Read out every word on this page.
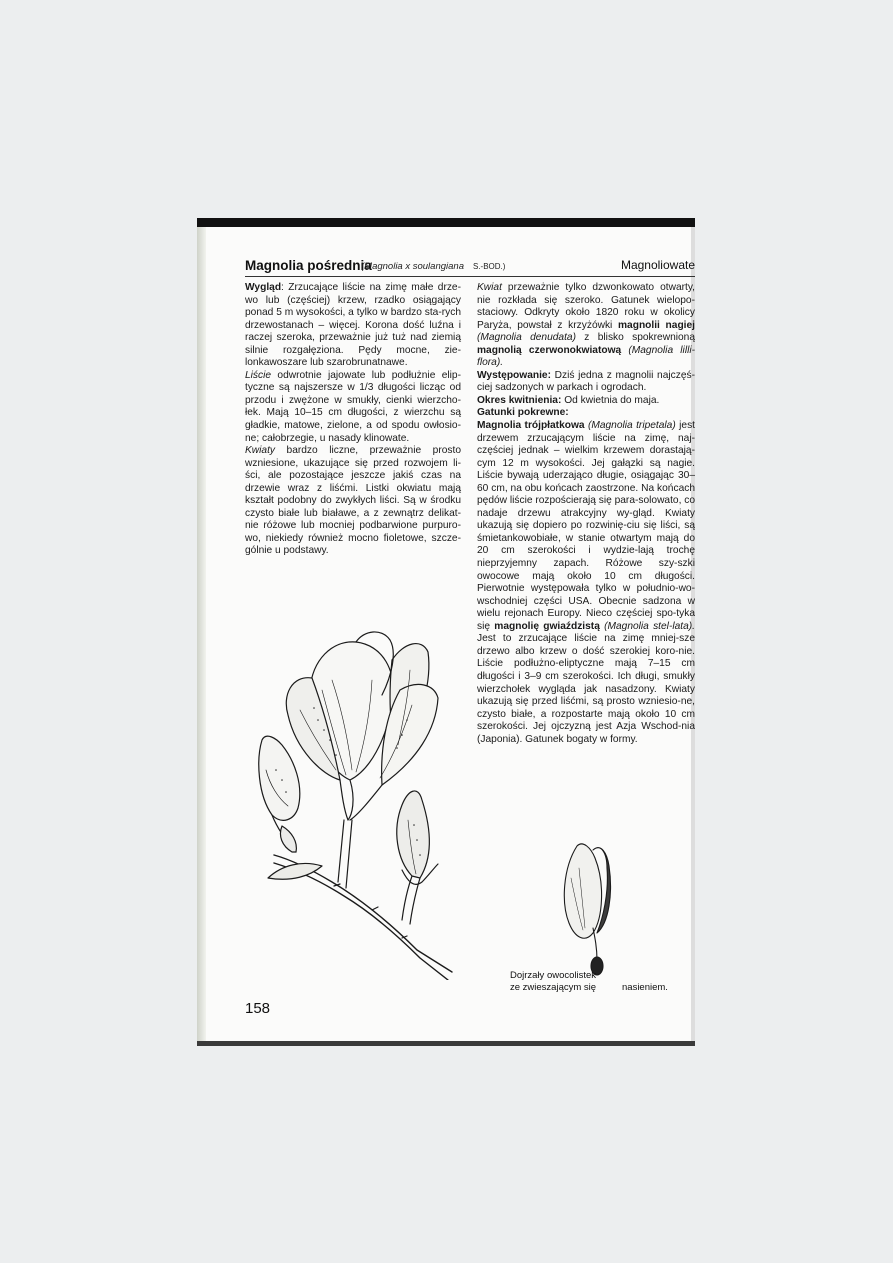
Magnolia pośrednia
(Magnolia x soulangiana S.-BOD.)	Magnoliowate

Wygląd: Zrzucające liście na zimę małe drze-wo lub (częściej) krzew, rzadko osiągający ponad 5 m wysokości, a tylko w bardzo sta-rych drzewostanach – więcej. Korona dość luźna i raczej szeroka, przeważnie już tuż nad ziemią silnie rozgałęziona. Pędy mocne, zie-lonkawoszare lub szarobrunatnawe.

Liście odwrotnie jajowate lub podłużnie elip-tyczne są najszersze w 1/3 długości licząc od przodu i zwężone w smukły, cienki wierzcho-łek. Mają 10–15 cm długości, z wierzchu są gładkie, matowe, zielone, a od spodu owłosio-ne; całobrzegie, u nasady klinowate.

Kwiaty bardzo liczne, przeważnie prosto wzniesione, ukazujące się przed rozwojem li-ści, ale pozostające jeszcze jakiś czas na drzewie wraz z liśćmi. Listki okwiatu mają kształt podobny do zwykłych liści. Są w środku czysto białe lub białawe, a z zewnątrz delikat-nie różowe lub mocniej podbarwione purpuro-wo, niekiedy również mocno fioletowe, szcze-gólnie u podstawy.

Kwiat przeważnie tylko dzwonkowato otwarty, nie rozkłada się szeroko. Gatunek wielopo-staciowy. Odkryty około 1820 roku w okolicy Paryża, powstał z krzyżówki magnolii nagiej (Magnolia denudata) z blisko spokrewnioną magnolią czerwonokwiatową (Magnolia lilli-flora).

Występowanie: Dziś jedna z magnolii najczęś-ciej sadzonych w parkach i ogrodach.

Okres kwitnienia: Od kwietnia do maja.

Gatunki pokrewne:

Magnolia trójpłatkowa (Magnolia tripetala) jest drzewem zrzucającym liście na zimę, naj-częściej jednak – wielkim krzewem dorastają-cym 12 m wysokości. Jej gałązki są nagie. Liście bywają uderzająco długie, osiągając 30–60 cm, na obu końcach zaostrzone. Na końcach pędów liście rozpościerają się para-solowato, co nadaje drzewu atrakcyjny wy-gląd. Kwiaty ukazują się dopiero po rozwinię-ciu się liści, są śmietankowobiałe, w stanie otwartym mają do 20 cm szerokości i wydzie-lają trochę nieprzyjemny zapach. Różowe szy-szki owocowe mają około 10 cm długości. Pierwotnie występowała tylko w południo-wo-wschodniej części USA. Obecnie sadzona w wielu rejonach Europy. Nieco częściej spo-tyka się magnolię gwiaździstą (Magnolia stel-lata). Jest to zrzucające liście na zimę mniej-sze drzewo albo krzew o dość szerokiej koro-nie. Liście podłużno-eliptyczne mają 7–15 cm długości i 3–9 cm szerokości. Ich długi, smukły wierzchołek wygląda jak nasadzony. Kwiaty ukazują się przed liśćmi, są prosto wzniesio-ne, czysto białe, a rozpostarte mają około 10 cm szerokości. Jej ojczyzną jest Azja Wschod-nia (Japonia). Gatunek bogaty w formy.

Dojrzały owocolistek
ze zwieszającym się	nasieniem.
158
